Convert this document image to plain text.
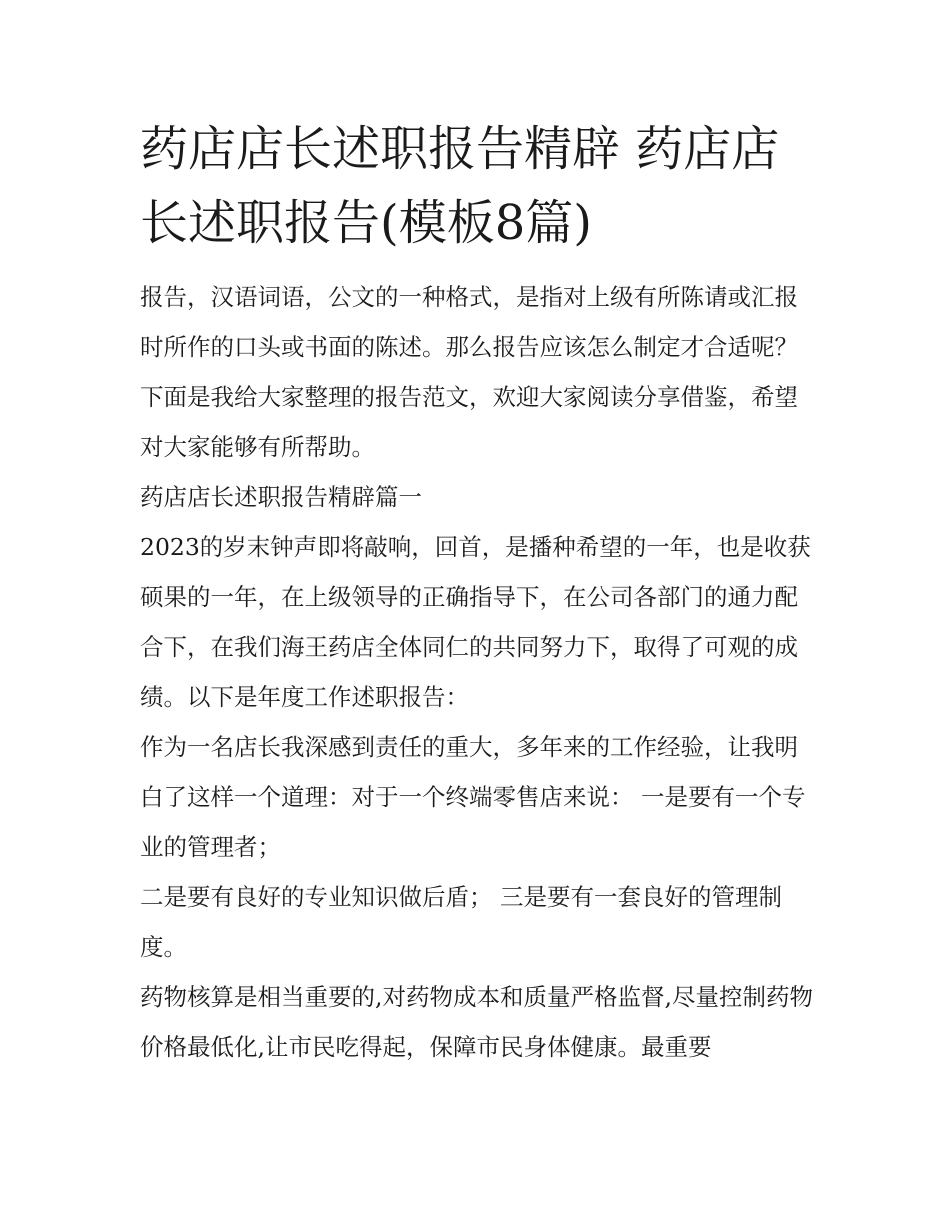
药店店长述职报告精辟 药店店长述职报告(模板8篇)

报告，汉语词语，公文的一种格式，是指对上级有所陈请或汇报时所作的口头或书面的陈述。那么报告应该怎么制定才合适呢？下面是我给大家整理的报告范文，欢迎大家阅读分享借鉴，希望对大家能够有所帮助。

药店店长述职报告精辟篇一

2023的岁末钟声即将敲响，回首，是播种希望的一年，也是收获硕果的一年，在上级领导的正确指导下，在公司各部门的通力配合下，在我们海王药店全体同仁的共同努力下，取得了可观的成绩。以下是年度工作述职报告：

作为一名店长我深感到责任的重大，多年来的工作经验，让我明白了这样一个道理：对于一个终端零售店来说： 一是要有一个专业的管理者；

二是要有良好的专业知识做后盾； 三是要有一套良好的管理制度。

药物核算是相当重要的,对药物成本和质量严格监督,尽量控制药物价格最低化,让市民吃得起，保障市民身体健康。最重要
